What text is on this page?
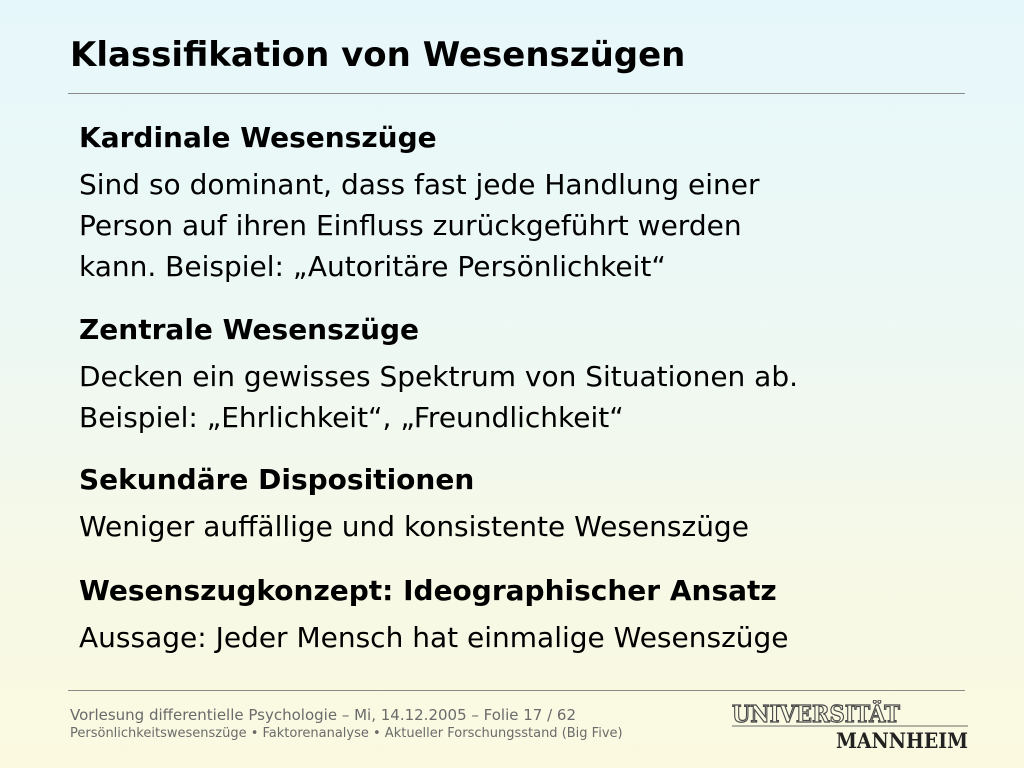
Klassifikation von Wesenszügen
Kardinale Wesenszüge
Sind so dominant, dass fast jede Handlung einer
Person auf ihren Einfluss zurückgeführt werden
kann. Beispiel: „Autoritäre Persönlichkeit“
Zentrale Wesenszüge
Decken ein gewisses Spektrum von Situationen ab.
Beispiel: „Ehrlichkeit“, „Freundlichkeit“
Sekundäre Dispositionen
Weniger auffällige und konsistente Wesenszüge
Wesenszugkonzept: Ideographischer Ansatz
Aussage: Jeder Mensch hat einmalige Wesenszüge
Vorlesung differentielle Psychologie – Mi, 14.12.2005 – Folie 17 / 62
Persönlichkeitswesenszüge • Faktorenanalyse • Aktueller Forschungsstand (Big Five)
UNIVERSITÄT
MANNHEIM
